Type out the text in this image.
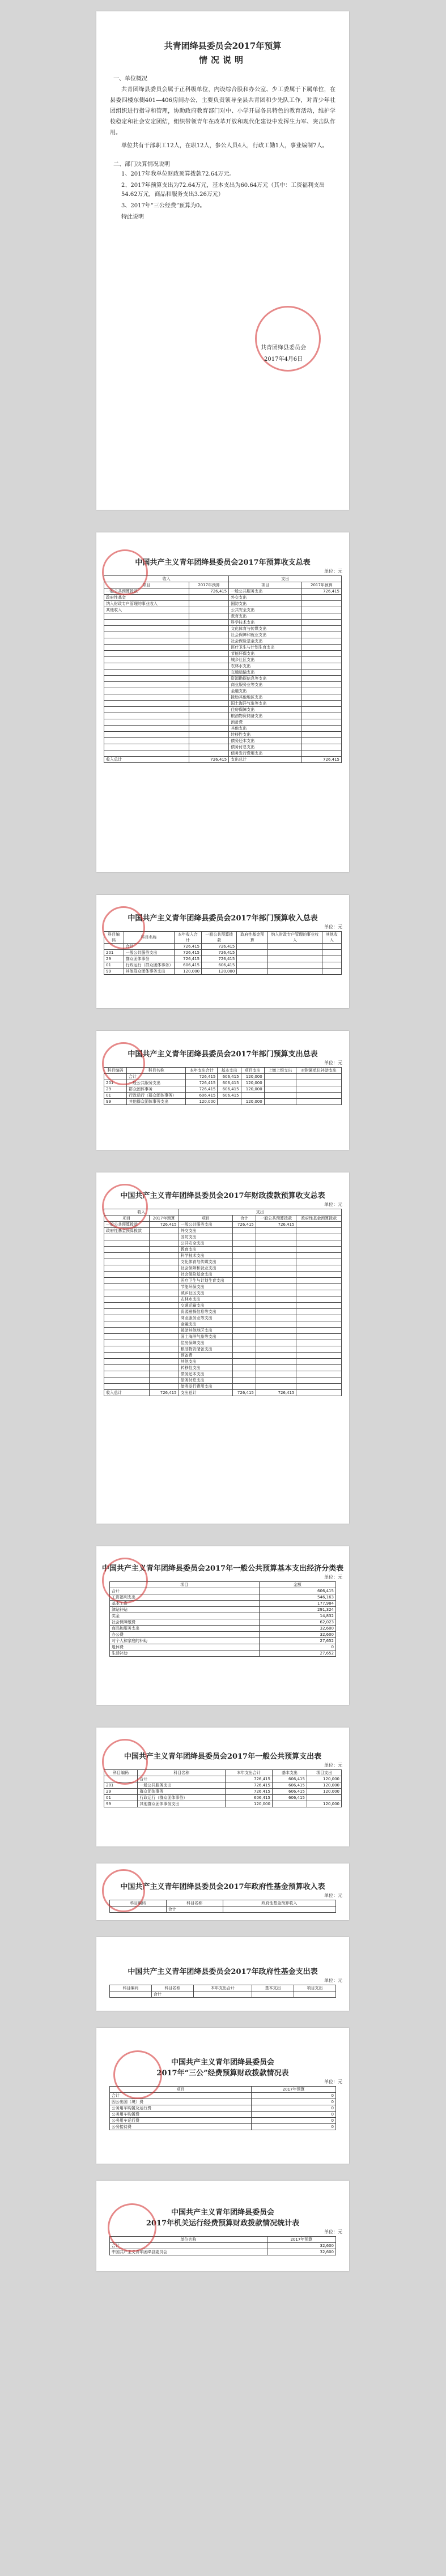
共青团绛县委员会2017年预算
情况说明
一、单位概况
共青团绛县委员会属于正科级单位，内设综合股和办公室、少工委属于下属单位，在县委四楼东侧401—406房间办公，主要负责领导全县共青团和少先队工作，对青少年社团组织进行指导和管理，协助政府教育部门对中、小学开展各具特色的教育活动，维护学校稳定和社会安定团结，组织带领青年在改革开放和现代化建设中发挥生力军、突击队作用。
单位共有干部职工12人，在职12人，参公人员4人，行政工勤1人，事业编制7人。
二、部门决算情况说明
1、2017年我单位财政预算拨款72.64万元。
2、2017年预算支出为72.64万元，基本支出为60.64万元（其中：工资福利支出54.62万元，商品和服务支出3.26万元）
3、2017年“三公经费”预算为0。
特此说明
共青团绛县委员会
2017年4月6日
中国共产主义青年团绛县委员会2017年预算收支总表
单位：元
收入		支出	
项目	2017年预算	项目	2017年预算
一般公共预算拨款	726,415	一般公共服务支出	726,415
政府性基金		外交支出	
纳入财政专户管理的事业收入		国防支出	
其他收入		公共安全支出	
		教育支出	
		科学技术支出	
		文化体育与传媒支出	
		社会保障和就业支出	
		社会保险基金支出	
		医疗卫生与计划生育支出	
		节能环保支出	
		城乡社区支出	
		农林水支出	
		交通运输支出	
		资源勘探信息等支出	
		商业服务业等支出	
		金融支出	
		援助其他地区支出	
		国土海洋气象等支出	
		住房保障支出	
		粮油物资储备支出	
		预备费	
		其他支出	
		转移性支出	
		债务还本支出	
		债务付息支出	
		债务发行费用支出	
收入总计	726,415	支出总计	726,415
中国共产主义青年团绛县委员会2017年部门预算收入总表
单位：元
科目编码	科目名称	本年收入合计	一般公共预算拨款	政府性基金预算	纳入财政专户管理的事业收入	其他收入
	合计	726,415	726,415			
201	一般公共服务支出	726,415	726,415			
29	群众团体事务	726,415	726,415			
01	行政运行（群众团体事务）	606,415	606,415			
99	其他群众团体事务支出	120,000	120,000			
中国共产主义青年团绛县委员会2017年部门预算支出总表
单位：元
科目编码	科目名称	本年支出合计	基本支出	项目支出	上缴上级支出	对附属单位补助支出
	合计	726,415	606,415	120,000		
201	一般公共服务支出	726,415	606,415	120,000		
29	群众团体事务	726,415	606,415	120,000		
01	行政运行（群众团体事务）	606,415	606,415			
99	其他群众团体事务支出	120,000		120,000		
中国共产主义青年团绛县委员会2017年财政拨款预算收支总表
单位：元
收入		支出			
项目	2017年预算	项目	合计	一般公共预算拨款	政府性基金预算拨款
一般公共预算拨款	726,415	一般公共服务支出	726,415	726,415	
政府性基金预算拨款		外交支出			
		国防支出			
		公共安全支出			
		教育支出			
		科学技术支出			
		文化体育与传媒支出			
		社会保障和就业支出			
		社会保险基金支出			
		医疗卫生与计划生育支出			
		节能环保支出			
		城乡社区支出			
		农林水支出			
		交通运输支出			
		资源勘探信息等支出			
		商业服务业等支出			
		金融支出			
		援助其他地区支出			
		国土海洋气象等支出			
		住房保障支出			
		粮油物资储备支出			
		预备费			
		其他支出			
		转移性支出			
		债务还本支出			
		债务付息支出			
		债务发行费用支出			
收入总计	726,415	支出总计	726,415	726,415	
中国共产主义青年团绛县委员会2017年一般公共预算基本支出经济分类表
单位：元
项目	金额
合计	606,415
工资福利支出	546,163
基本工资	177,984
津贴补贴	291,324
奖金	14,832
社会保障缴费	62,023
商品和服务支出	32,600
办公费	32,600
对个人和家庭的补助	27,652
退休费	0
生活补助	27,652
中国共产主义青年团绛县委员会2017年一般公共预算支出表
单位：元
科目编码	科目名称	本年支出合计	基本支出	项目支出
	合计	726,415	606,415	120,000
201	一般公共服务支出	726,415	606,415	120,000
29	群众团体事务	726,415	606,415	120,000
01	行政运行（群众团体事务）	606,415	606,415	
99	其他群众团体事务支出	120,000		120,000
中国共产主义青年团绛县委员会2017年政府性基金预算收入表
单位：元
科目编码	科目名称	政府性基金预算收入
	合计	
中国共产主义青年团绛县委员会2017年政府性基金支出表
单位：元
科目编码	科目名称	本年支出合计	基本支出	项目支出
	合计			
中国共产主义青年团绛县委员会
2017年“三公”经费预算财政拨款情况表
单位：元
项目	2017年预算
合计	0
因公出国（境）费	0
公务用车购置及运行费	0
公务用车购置费	0
公务用车运行费	0
公务接待费	0
中国共产主义青年团绛县委员会
2017年机关运行经费预算财政拨款情况统计表
单位：元
单位名称	2017年预算
合计	32,600
中国共产主义青年团绛县委员会	32,600
